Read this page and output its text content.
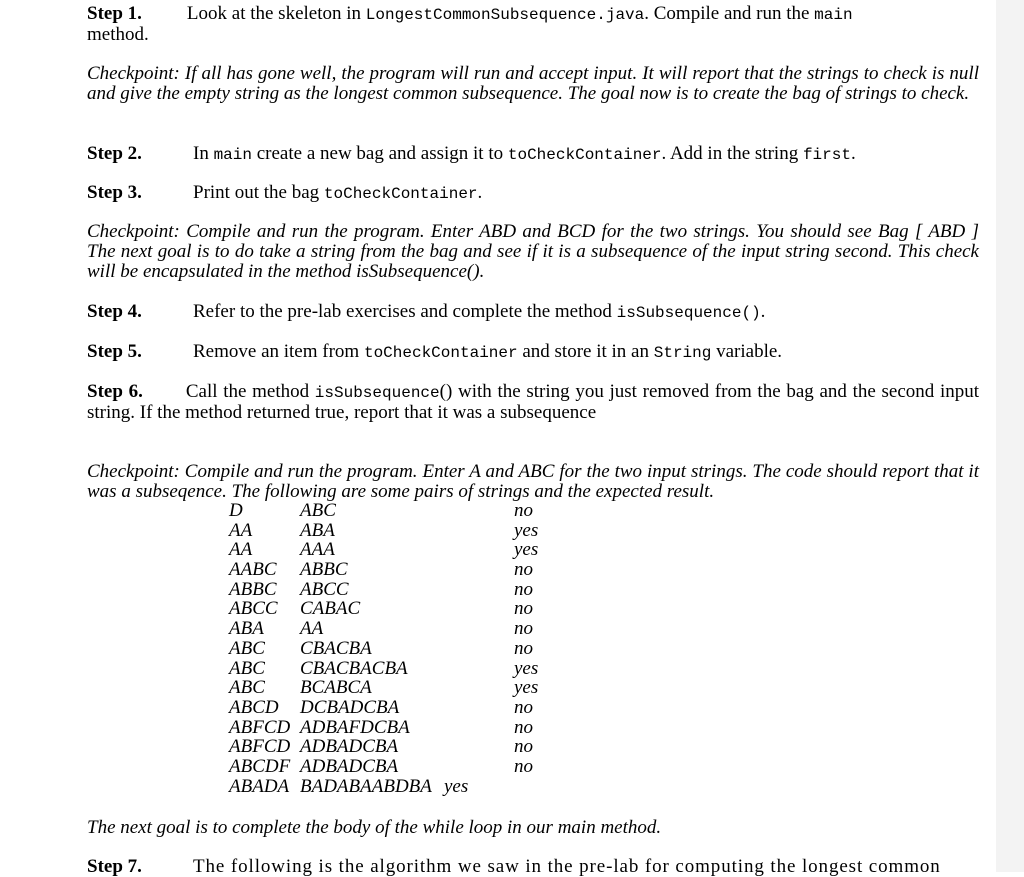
Step 1. Look at the skeleton in LongestCommonSubsequence.java. Compile and run the main
method.
Checkpoint: If all has gone well, the program will run and accept input. It will report that the strings to check is null and give the empty string as the longest common subsequence. The goal now is to create the bag of strings to check.
Step 2.	In main create a new bag and assign it to toCheckContainer. Add in the string first.
Step 3.	Print out the bag toCheckContainer.
Checkpoint: Compile and run the program. Enter ABD and BCD for the two strings. You should see Bag [ ABD ] The next goal is to do take a string from the bag and see if it is a subsequence of the input string second. This check will be encapsulated in the method isSubsequence().
Step 4.	Refer to the pre-lab exercises and complete the method isSubsequence().
Step 5.	Remove an item from toCheckContainer and store it in an String variable.
Step 6. Call the method isSubsequence() with the string you just removed from the bag and the second input string. If the method returned true, report that it was a subsequence
Checkpoint: Compile and run the program. Enter A and ABC for the two input strings. The code should report that it was a subseqence. The following are some pairs of strings and the expected result.
D	ABC	no
AA	ABA	yes
AA	AAA	yes
AABC ABBC	no
ABBC ABCC	no
ABCC CABAC	no
ABA AA	no
ABC CBACBA	no
ABC CBACBACBA	yes
ABC BCABCA	yes
ABCD DCBADCBA	no
ABFCD ADBAFDCBA	no
ABFCD ADBADCBA	no
ABCDF ADBADCBA	no
ABADA BADABAABDBA yes
The next goal is to complete the body of the while loop in our main method.
Step 7.	The following is the algorithm we saw in the pre-lab for computing the longest common
